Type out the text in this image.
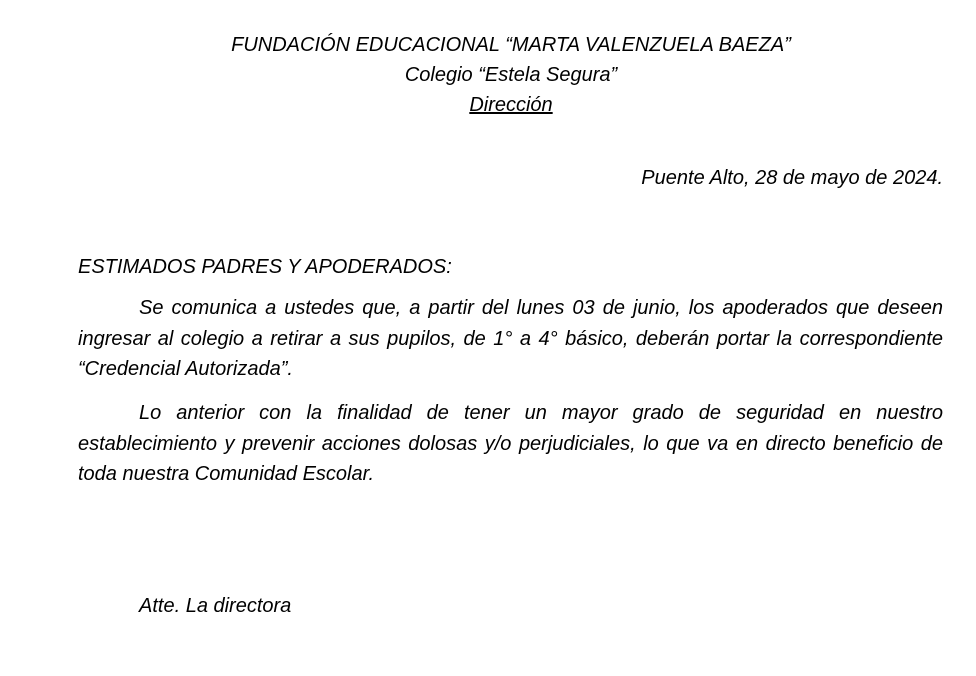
FUNDACIÓN EDUCACIONAL “MARTA VALENZUELA BAEZA”
Colegio “Estela Segura”
Dirección
Puente Alto, 28 de mayo de 2024.
ESTIMADOS PADRES Y APODERADOS:

Se comunica a ustedes que, a partir del lunes 03 de junio, los apoderados que deseen ingresar al colegio a retirar a sus pupilos, de 1° a 4° básico, deberán portar la correspondiente “Credencial Autorizada”.

Lo anterior con la finalidad de tener un mayor grado de seguridad en nuestro establecimiento y prevenir acciones dolosas y/o perjudiciales, lo que va en directo beneficio de toda nuestra Comunidad Escolar.

Atte. La directora
